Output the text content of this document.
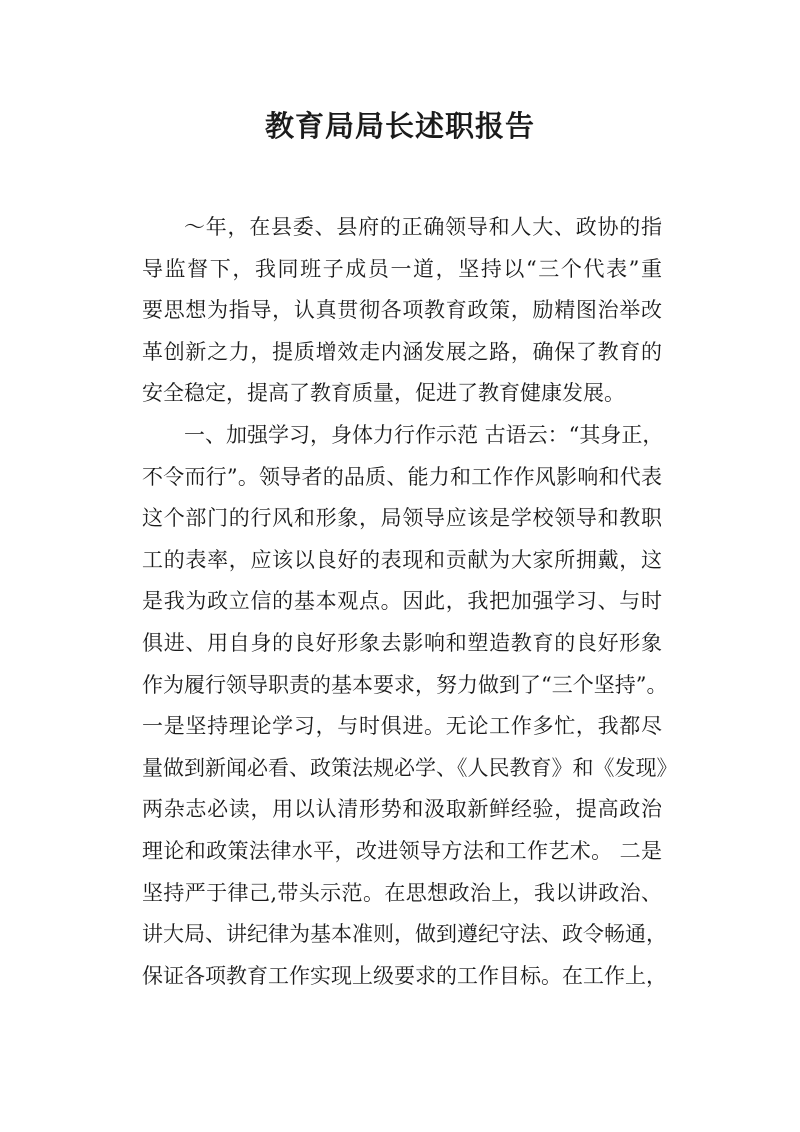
教育局局长述职报告
～年，在县委、县府的正确领导和人大、政协的指
导监督下，我同班子成员一道，坚持以“三个代表”重
要思想为指导，认真贯彻各项教育政策，励精图治举改
革创新之力，提质增效走内涵发展之路，确保了教育的
安全稳定，提高了教育质量，促进了教育健康发展。
一、加强学习，身体力行作示范 古语云：“其身正，
不令而行”。领导者的品质、能力和工作作风影响和代表
这个部门的行风和形象，局领导应该是学校领导和教职
工的表率，应该以良好的表现和贡献为大家所拥戴，这
是我为政立信的基本观点。因此，我把加强学习、与时
俱进、用自身的良好形象去影响和塑造教育的良好形象
作为履行领导职责的基本要求，努力做到了“三个坚持”。
一是坚持理论学习，与时俱进。无论工作多忙，我都尽
量做到新闻必看、政策法规必学、《人民教育》和《发现》
两杂志必读，用以认清形势和汲取新鲜经验，提高政治
理论和政策法律水平，改进领导方法和工作艺术。 二是
坚持严于律己,带头示范。在思想政治上，我以讲政治、
讲大局、讲纪律为基本准则，做到遵纪守法、政令畅通，
保证各项教育工作实现上级要求的工作目标。在工作上，
